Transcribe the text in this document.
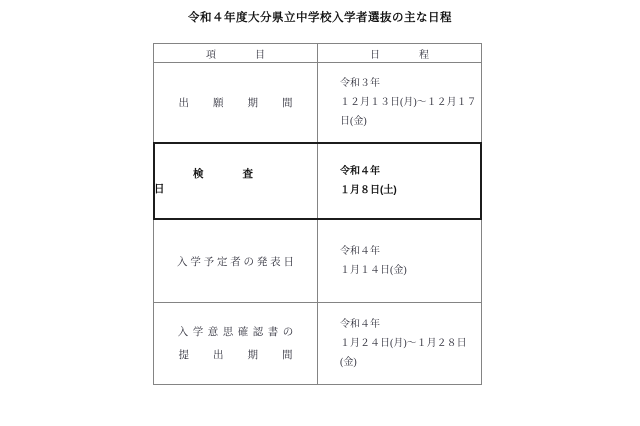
令和４年度大分県立中学校入学者選抜の主な日程
項目	日程
出願期間
令和３年
１２月１３日(月)～１２月１７日(金)
検査日
令和４年
１月８日(土)
入学予定者の発表日
令和４年
１月１４日(金)
入学意思確認書の
提出期間
令和４年
１月２４日(月)～１月２８日(金)
